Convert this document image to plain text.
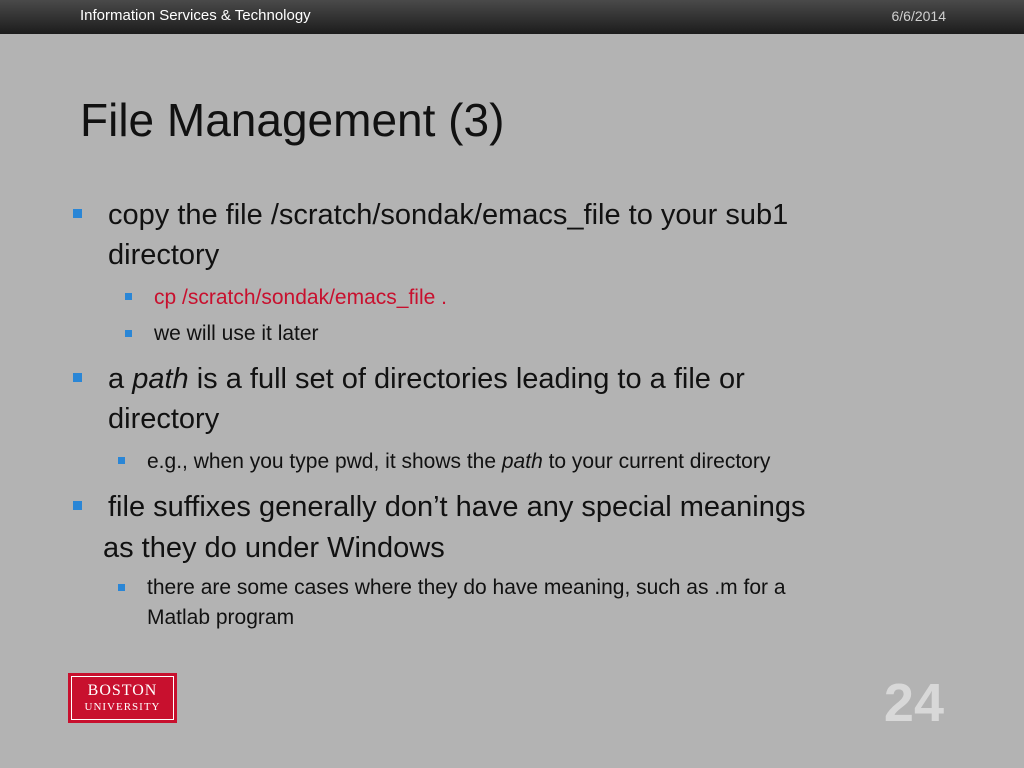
Information Services & Technology	6/6/2014
File Management (3)
copy the file /scratch/sondak/emacs_file to your sub1
directory
cp /scratch/sondak/emacs_file .
we will use it later
a path is a full set of directories leading to a file or
directory
e.g., when you type pwd, it shows the path to your current directory
file suffixes generally don’t have any special meanings
as they do under Windows
there are some cases where they do have meaning, such as .m for a
Matlab program
BOSTON
UNIVERSITY	24
